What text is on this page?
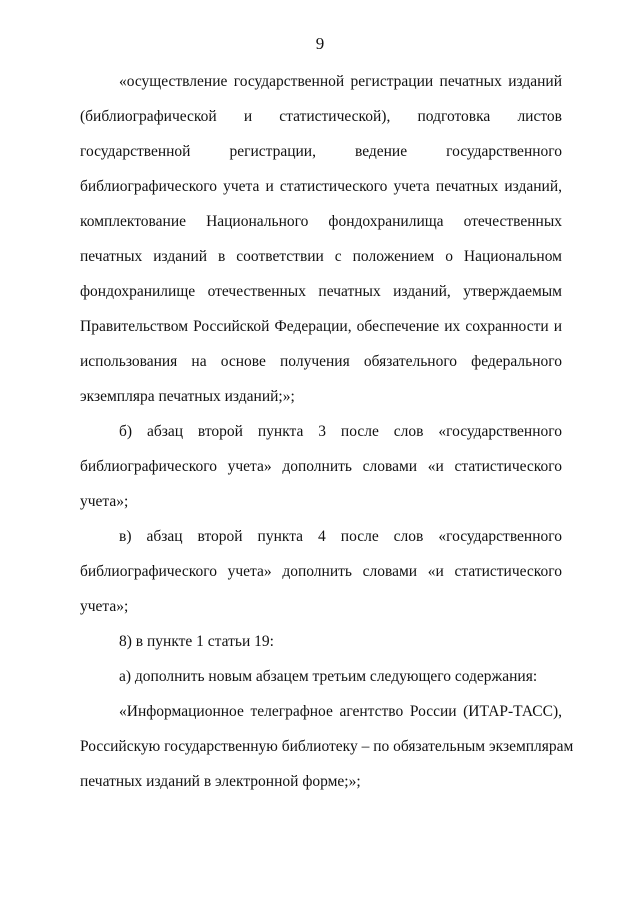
9
«осуществление государственной регистрации печатных изданий
(библиографической и статистической), подготовка листов
государственной регистрации, ведение государственного
библиографического учета и статистического учета печатных изданий,
комплектование Национального фондохранилища отечественных
печатных изданий в соответствии с положением о Национальном
фондохранилище отечественных печатных изданий, утверждаемым
Правительством Российской Федерации, обеспечение их сохранности и
использования на основе получения обязательного федерального
экземпляра печатных изданий;»;
б) абзац второй пункта 3 после слов «государственного
библиографического учета» дополнить словами «и статистического
учета»;
в) абзац второй пункта 4 после слов «государственного
библиографического учета» дополнить словами «и статистического
учета»;
8) в пункте 1 статьи 19:
а) дополнить новым абзацем третьим следующего содержания:
«Информационное телеграфное агентство России (ИТАР-ТАСС),
Российскую государственную библиотеку – по обязательным экземплярам
печатных изданий в электронной форме;»;
